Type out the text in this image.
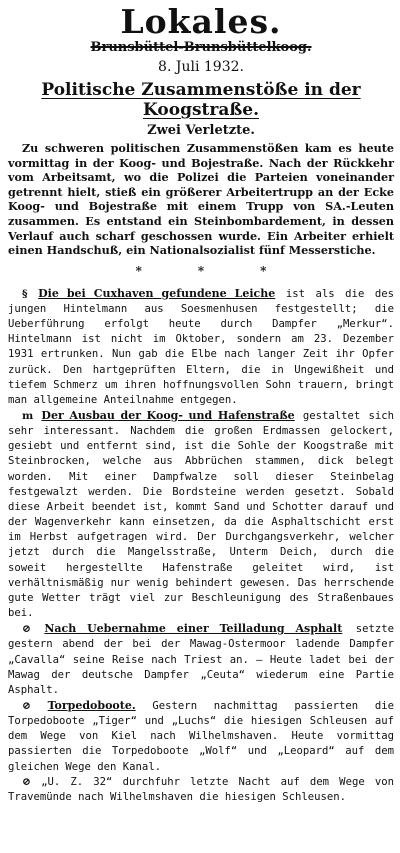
Lokales.
Brunsbüttel-Brunsbüttelkoog.
8. Juli 1932.
Politische Zusammenstöße in der Koogstraße.
Zwei Verletzte.

Zu schweren politischen Zusammenstößen kam es heute vormittag in der Koog- und Bojestraße. Nach der Rückkehr vom Arbeitsamt, wo die Polizei die Parteien voneinander getrennt hielt, stieß ein größerer Arbeitertrupp an der Ecke Koog- und Bojestraße mit einem Trupp von SA.-Leuten zusammen. Es entstand ein Steinbombardement, in dessen Verlauf auch scharf geschossen wurde. Ein Arbeiter erhielt einen Handschuß, ein Nationalsozialist fünf Messerstiche.

*	*	*

§ Die bei Cuxhaven gefundene Leiche ist als die des jungen Hintelmann aus Soesmenhusen festgestellt; die Ueberführung erfolgt heute durch Dampfer „Merkur“. Hintelmann ist nicht im Oktober, sondern am 23. Dezember 1931 ertrunken. Nun gab die Elbe nach langer Zeit ihr Opfer zurück. Den hartgeprüften Eltern, die in Ungewißheit und tiefem Schmerz um ihren hoffnungsvollen Sohn trauern, bringt man allgemeine Anteilnahme entgegen.

m Der Ausbau der Koog- und Hafenstraße gestaltet sich sehr interessant. Nachdem die großen Erdmassen gelockert, gesiebt und entfernt sind, ist die Sohle der Koogstraße mit Steinbrocken, welche aus Abbrüchen stammen, dick belegt worden. Mit einer Dampfwalze soll dieser Steinbelag festgewalzt werden. Die Bordsteine werden gesetzt. Sobald diese Arbeit beendet ist, kommt Sand und Schotter darauf und der Wagenverkehr kann einsetzen, da die Asphaltschicht erst im Herbst aufgetragen wird. Der Durchgangsverkehr, welcher jetzt durch die Mangelsstraße, Unterm Deich, durch die soweit hergestellte Hafenstraße geleitet wird, ist verhältnismäßig nur wenig behindert gewesen. Das herrschende gute Wetter trägt viel zur Beschleunigung des Straßenbaues bei.

⊘ Nach Uebernahme einer Teilladung Asphalt setzte gestern abend der bei der Mawag-Ostermoor ladende Dampfer „Cavalla“ seine Reise nach Triest an. — Heute ladet bei der Mawag der deutsche Dampfer „Ceuta“ wiederum eine Partie Asphalt.

⊘ Torpedoboote. Gestern nachmittag passierten die Torpedoboote „Tiger“ und „Luchs“ die hiesigen Schleusen auf dem Wege von Kiel nach Wilhelmshaven. Heute vormittag passierten die Torpedoboote „Wolf“ und „Leopard“ auf dem gleichen Wege den Kanal.

⊘ „U. Z. 32“ durchfuhr letzte Nacht auf dem Wege von Travemünde nach Wilhelmshaven die hiesigen Schleusen.
